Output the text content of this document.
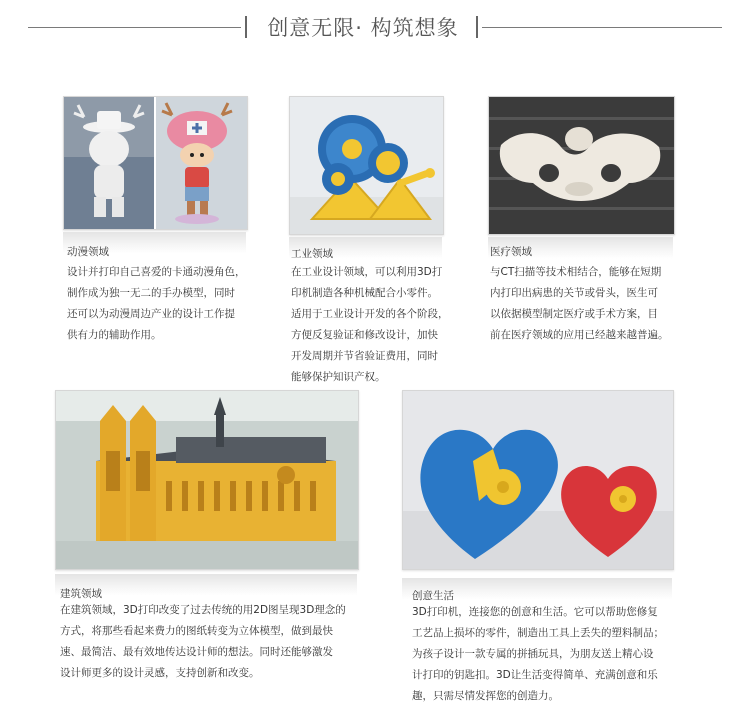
创意无限· 构筑想象
动漫领域
设计并打印自己喜爱的卡通动漫角色，
制作成为独一无二的手办模型，同时
还可以为动漫周边产业的设计工作提
供有力的辅助作用。
工业领域
在工业设计领域，可以利用3D打
印机制造各种机械配合小零件。
适用于工业设计开发的各个阶段，
方便反复验证和修改设计，加快
开发周期并节省验证费用，同时
能够保护知识产权。
医疗领域
与CT扫描等技术相结合，能够在短期
内打印出病患的关节或骨头，医生可
以依据模型制定医疗或手术方案，目
前在医疗领域的应用已经越来越普遍。
建筑领域
在建筑领域，3D打印改变了过去传统的用2D图呈现3D理念的
方式，将那些看起来费力的图纸转变为立体模型，做到最快
速、最简洁、最有效地传达设计师的想法。同时还能够激发
设计师更多的设计灵感，支持创新和改变。
创意生活
3D打印机，连接您的创意和生活。它可以帮助您修复
工艺品上损坏的零件，制造出工具上丢失的塑料制品；
为孩子设计一款专属的拼插玩具，为朋友送上精心设
计打印的钥匙扣。3D让生活变得简单、充满创意和乐
趣，只需尽情发挥您的创造力。
